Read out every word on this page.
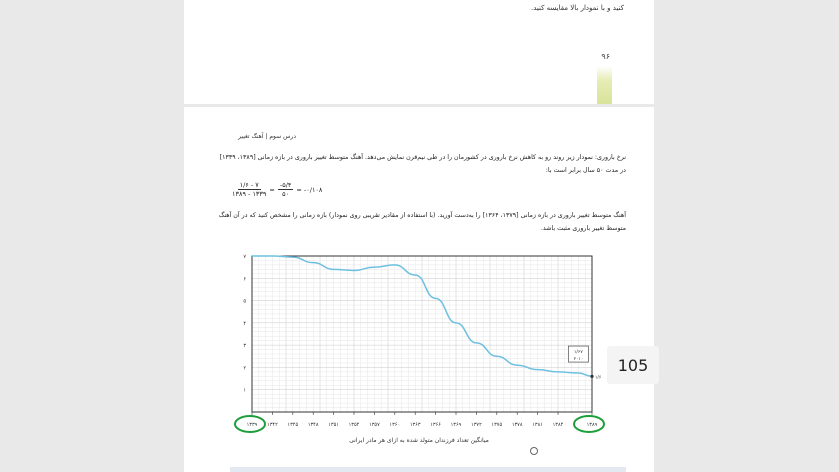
کنید و با نمودار بالا مقایسه کنید.
۹۶
درس سوم | آهنگ تغییر
نرخ باروری: نمودار زیر روند رو به کاهش نرخ باروری در کشورمان را در طی نیم‌قرن نمایش می‌دهد. آهنگ متوسط تغییر باروری در بازه زمانی [۱۳۸۹، ۱۳۳۹] در مدت ۵۰ سال برابر است با:
$\frac{۱/۶ - ۷}{۱۳۸۹ - ۱۳۳۹} = \frac{-۵/۴}{۵۰}$ = -۰/۱۰۸
آهنگ متوسط تغییر باروری در بازه زمانی [۱۳۷۹، ۱۳۶۴] را به‌دست آورید. (با استفاده از مقادیر تقریبی روی نمودار) بازه زمانی را مشخص کنید که در آن آهنگ متوسط تغییر باروری مثبت باشد.
۱
۲
۳
۴
۵
۶
۷
۱۳۳۹ ۱۳۴۲ ۱۳۴۵ ۱۳۴۸ ۱۳۵۱ ۱۳۵۴ ۱۳۵۷ ۱۳۶۰ ۱۳۶۳ ۱۳۶۶ ۱۳۶۹ ۱۳۷۲ ۱۳۷۵ ۱۳۷۸ ۱۳۸۱ ۱۳۸۴	۱۳۸۹
۱/۶
۱/۶۷
۲۰۱۰
میانگین تعداد فرزندان متولد شده به ازای هر مادر ایرانی
105
